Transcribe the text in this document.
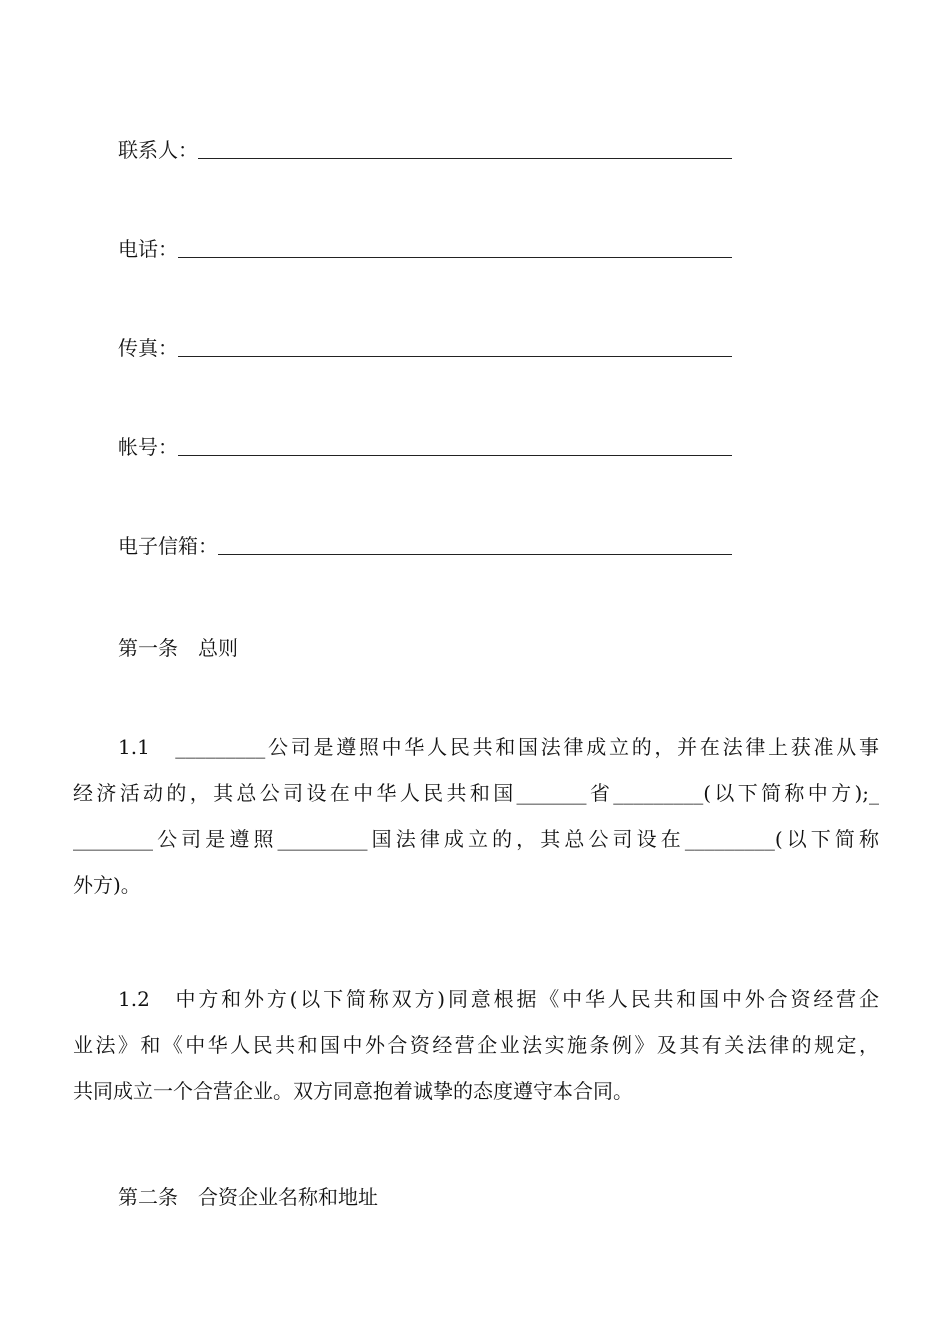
联系人：
电话：
传真：
帐号：
电子信箱：
第一条　总则
1.1　_________公司是遵照中华人民共和国法律成立的，并在法律上获准从事
经济活动的，其总公司设在中华人民共和国_______省_________(以下简称中方);_
________公司是遵照_________国法律成立的，其总公司设在_________(以下简称
外方)。
1.2　中方和外方(以下简称双方)同意根据《中华人民共和国中外合资经营企
业法》和《中华人民共和国中外合资经营企业法实施条例》及其有关法律的规定，
共同成立一个合营企业。双方同意抱着诚挚的态度遵守本合同。
第二条　合资企业名称和地址
